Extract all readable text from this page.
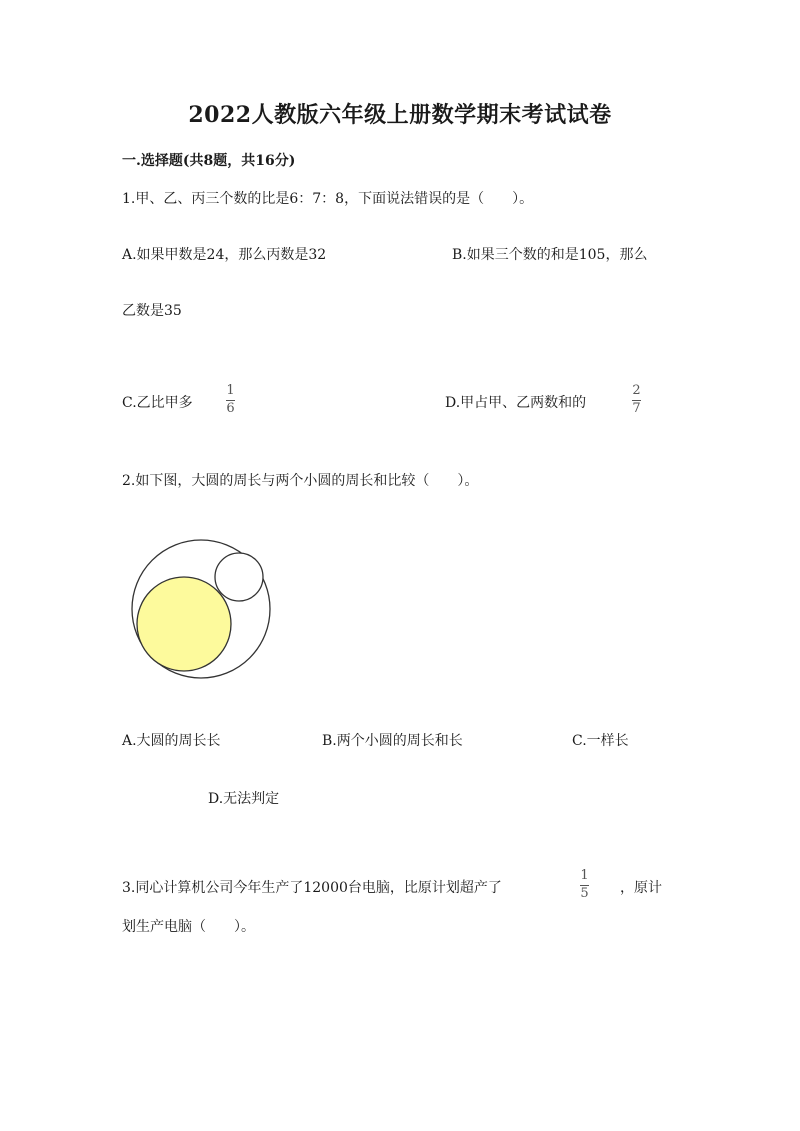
2022人教版六年级上册数学期末考试试卷
一.选择题(共8题，共16分)
1.甲、乙、丙三个数的比是6：7：8，下面说法错误的是（　　）。
A.如果甲数是24，那么丙数是32	B.如果三个数的和是105，那么
乙数是35
C.乙比甲多
1
6	D.甲占甲、乙两数和的
2
7
2.如下图，大圆的周长与两个小圆的周长和比较（　　）。
A.大圆的周长长	B.两个小圆的周长和长	C.一样长
D.无法判定
3.同心计算机公司今年生产了12000台电脑，比原计划超产了
1
5 ，原计
划生产电脑（　　）。
